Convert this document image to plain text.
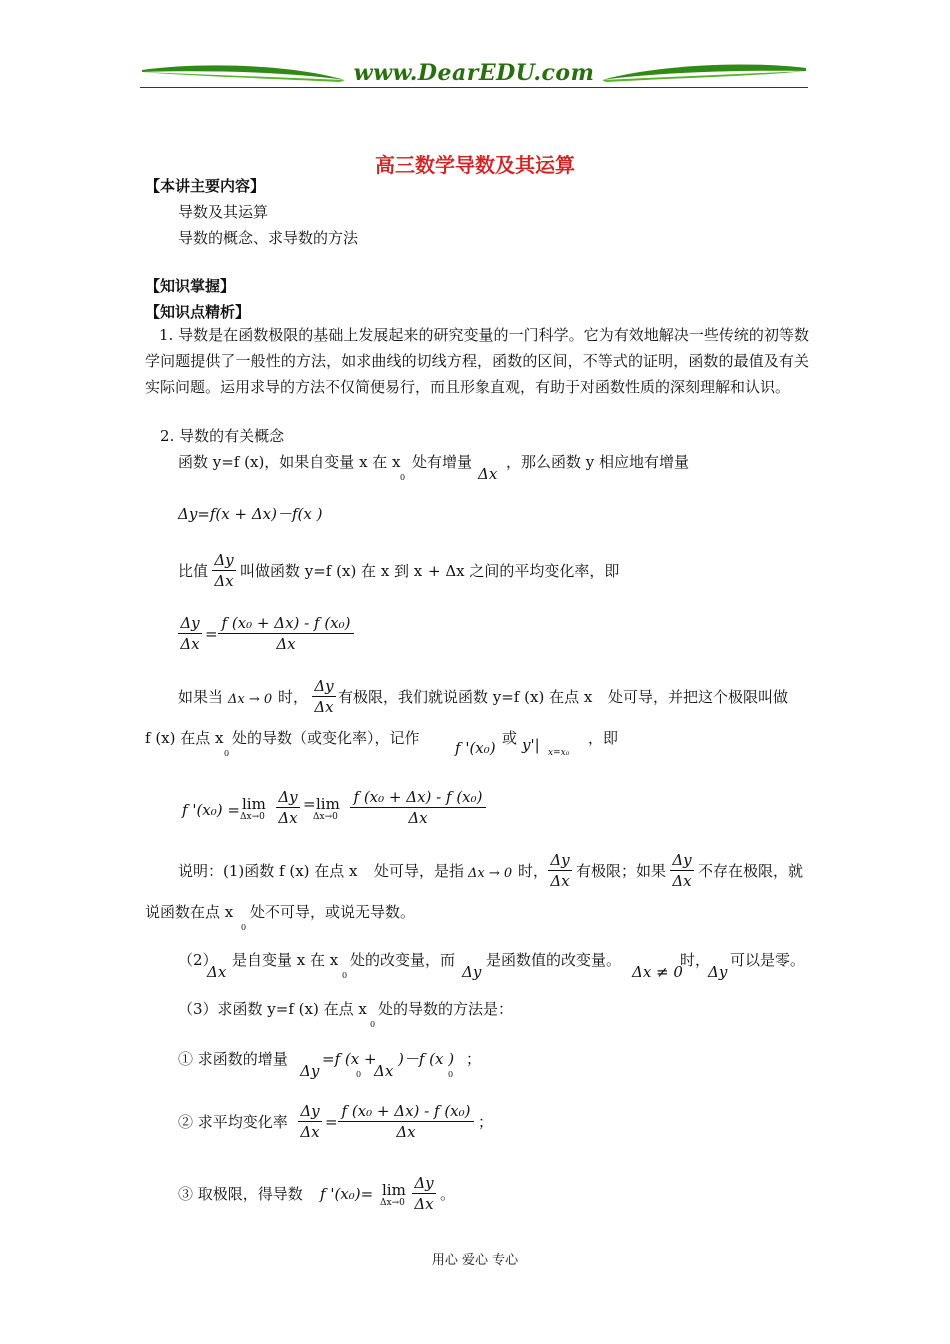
www.DearEDU.com
高三数学导数及其运算
【本讲主要内容】
导数及其运算
导数的概念、求导数的方法
【知识掌握】
【知识点精析】
1. 导数是在函数极限的基础上发展起来的研究变量的一门科学。它为有效地解决一些传统的初等数学问题提供了一般性的方法，如求曲线的切线方程，函数的区间，不等式的证明，函数的最值及有关实际问题。运用求导的方法不仅简便易行，而且形象直观，有助于对函数性质的深刻理解和认识。
2. 导数的有关概念
函数 y=f (x)，如果自变量 x 在 x
0
处有增量
Δx
，那么函数 y 相应地有增量
Δy=f(x + Δx)－f(x )
比值
Δy
Δx
叫做函数 y=f (x) 在 x 到 x + Δx 之间的平均变化率，即
Δy
Δx
=
f (x₀ + Δx) - f (x₀)
Δx
如果当 Δx → 0 时，
Δy
Δx
有极限，我们就说函数 y=f (x) 在点 x 处可导，并把这个极限叫做
f (x) 在点 x
0
处的导数（或变化率），记作
f '(x₀)
或 y'| x=x₀
，即
f '(x₀) = lim
Δx→0
Δy
Δx
= lim
Δx→0
f (x₀ + Δx) - f (x₀)
Δx
说明：(1)函数 f (x) 在点 x 处可导，是指 Δx → 0 时，
Δy
Δx
有极限；如果
Δy
Δx
不存在极限，就
说函数在点 x
0
处不可导，或说无导数。
（2）
Δx
是自变量 x 在 x
0
处的改变量，而
Δy
是函数值的改变量。
Δx ≠ 0
时，
Δy
可以是零。
（3）求函数 y=f (x) 在点 x
0
处的导数的方法是：
① 求函数的增量
Δy
=f (x +
0 Δx
)－f (x )
0
；
② 求平均变化率
Δy
Δx
=
f (x₀ + Δx) - f (x₀)
Δx
；
③ 取极限，得导数 f '(x₀)= lim
Δx→0
Δy
Δx
。
用心 爱心 专心
